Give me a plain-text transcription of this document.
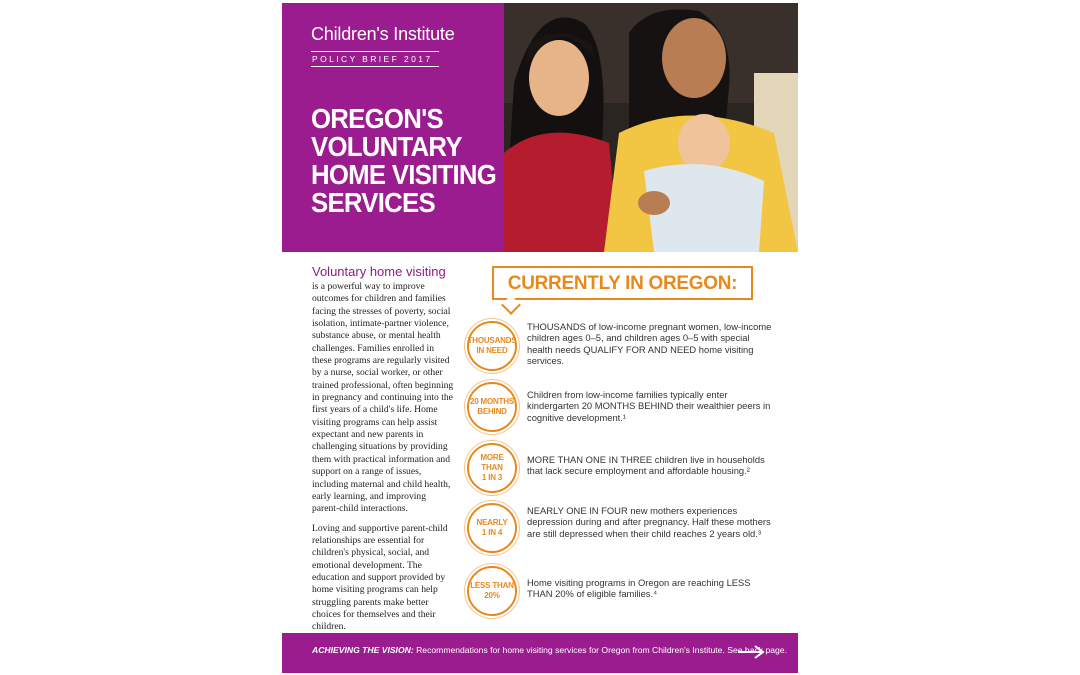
Children's Institute
POLICY BRIEF 2017
OREGON'S
VOLUNTARY
HOME VISITING
SERVICES
Voluntary home visiting
is a powerful way to improve outcomes for children and families facing the stresses of poverty, social isolation, intimate-partner violence, substance abuse, or mental health challenges. Families enrolled in these programs are regularly visited by a nurse, social worker, or other trained professional, often beginning in pregnancy and continuing into the first years of a child's life. Home visiting programs can help assist expectant and new parents in challenging situations by providing them with practical information and support on a range of issues, including maternal and child health, early learning, and improving parent-child interactions.
Loving and supportive parent-child relationships are essential for children's physical, social, and emotional development. The education and support provided by home visiting programs can help struggling parents make better choices for themselves and their children.
CURRENTLY IN OREGON:
THOUSANDS
IN NEED
THOUSANDS of low-income pregnant women, low-income children ages 0–5, and children ages 0–5 with special health needs QUALIFY FOR AND NEED home visiting services.
20 MONTHS
BEHIND
Children from low-income families typically enter kindergarten 20 MONTHS BEHIND their wealthier peers in cognitive development.¹
MORE THAN
1 IN 3
MORE THAN ONE IN THREE children live in households that lack secure employment and affordable housing.²
NEARLY
1 IN 4
NEARLY ONE IN FOUR new mothers experiences depression during and after pregnancy. Half these mothers are still depressed when their child reaches 2 years old.³
LESS THAN
20%
Home visiting programs in Oregon are reaching LESS THAN 20% of eligible families.⁴
ACHIEVING THE VISION: Recommendations for home visiting services for Oregon from Children's Institute. See back page.
